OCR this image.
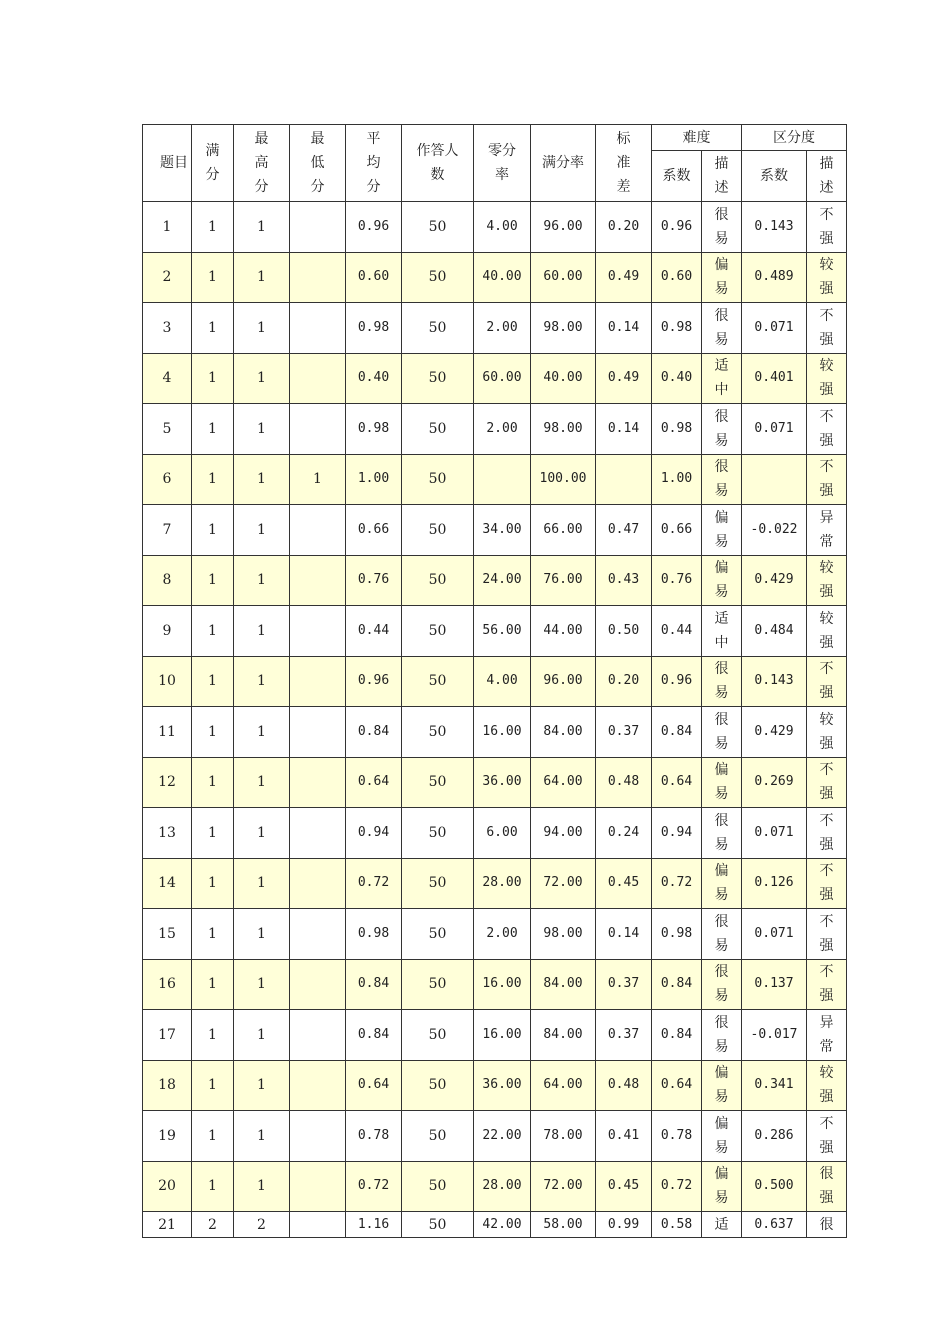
题目	满分	最高分	最低分	平均分	作答人数	零分率	满分率	标准差	难度		区分度	
									系数	描述	系数	描述
1	1	1		0.96	50	4.00	96.00	0.20	0.96	很易	0.143	不强
2	1	1		0.60	50	40.00	60.00	0.49	0.60	偏易	0.489	较强
3	1	1		0.98	50	2.00	98.00	0.14	0.98	很易	0.071	不强
4	1	1		0.40	50	60.00	40.00	0.49	0.40	适中	0.401	较强
5	1	1		0.98	50	2.00	98.00	0.14	0.98	很易	0.071	不强
6	1	1	1	1.00	50		100.00		1.00	很易		不强
7	1	1		0.66	50	34.00	66.00	0.47	0.66	偏易	-0.022	异常
8	1	1		0.76	50	24.00	76.00	0.43	0.76	偏易	0.429	较强
9	1	1		0.44	50	56.00	44.00	0.50	0.44	适中	0.484	较强
10	1	1		0.96	50	4.00	96.00	0.20	0.96	很易	0.143	不强
11	1	1		0.84	50	16.00	84.00	0.37	0.84	很易	0.429	较强
12	1	1		0.64	50	36.00	64.00	0.48	0.64	偏易	0.269	不强
13	1	1		0.94	50	6.00	94.00	0.24	0.94	很易	0.071	不强
14	1	1		0.72	50	28.00	72.00	0.45	0.72	偏易	0.126	不强
15	1	1		0.98	50	2.00	98.00	0.14	0.98	很易	0.071	不强
16	1	1		0.84	50	16.00	84.00	0.37	0.84	很易	0.137	不强
17	1	1		0.84	50	16.00	84.00	0.37	0.84	很易	-0.017	异常
18	1	1		0.64	50	36.00	64.00	0.48	0.64	偏易	0.341	较强
19	1	1		0.78	50	22.00	78.00	0.41	0.78	偏易	0.286	不强
20	1	1		0.72	50	28.00	72.00	0.45	0.72	偏易	0.500	很强
21	2	2		1.16	50	42.00	58.00	0.99	0.58	适	0.637	很
